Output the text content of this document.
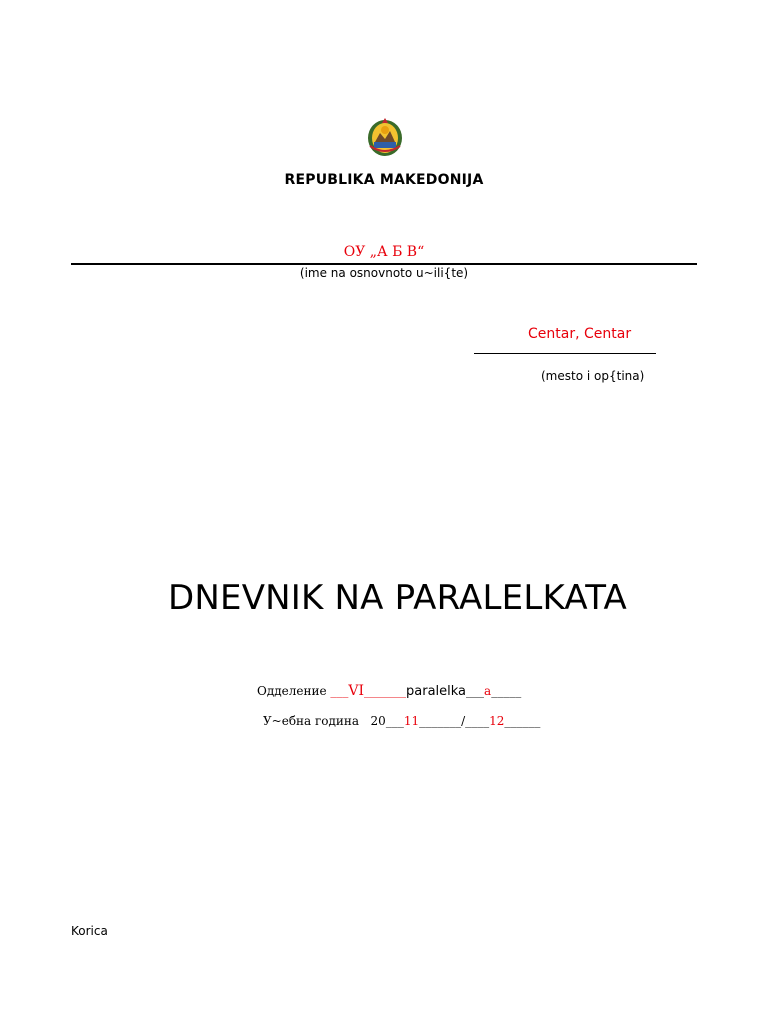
REPUBLIKA MAKEDONIJA
ОУ „А Б В“
(ime na osnovnoto u~ili{te)
Centar, Centar
(mesto i op{tina)
DNEVNIK NA PARALELKATA
Одделение ___VI_______paralelka___a_____
У~ебна година 20___11_______/____12______
Korica
